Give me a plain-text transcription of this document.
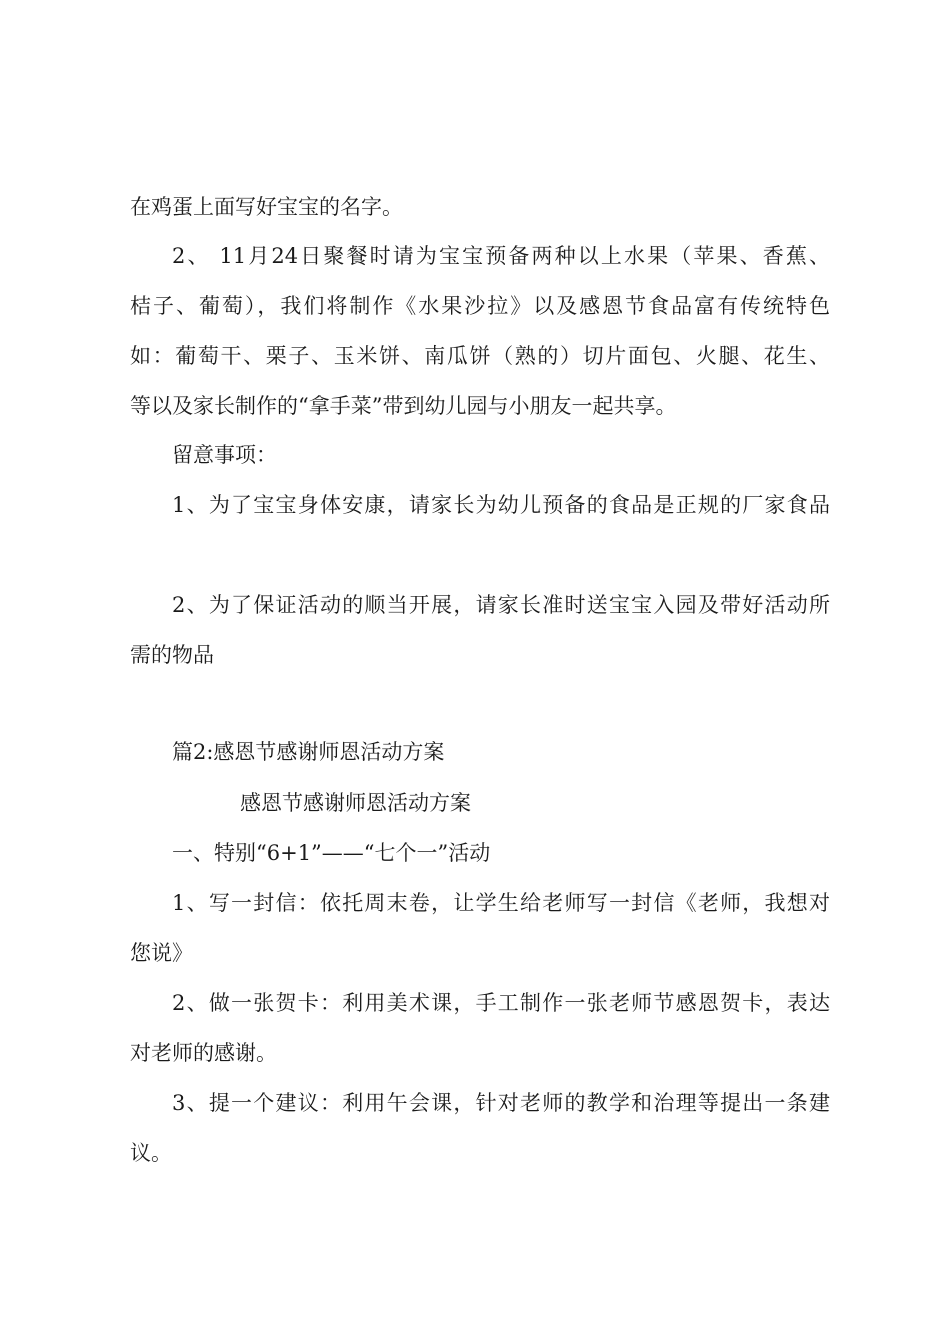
在鸡蛋上面写好宝宝的名字。
2、 11月24日聚餐时请为宝宝预备两种以上水果（苹果、香蕉、
桔子、葡萄），我们将制作《水果沙拉》以及感恩节食品富有传统特色
如：葡萄干、栗子、玉米饼、南瓜饼（熟的）切片面包、火腿、花生、
等以及家长制作的“拿手菜”带到幼儿园与小朋友一起共享。
留意事项：
1、为了宝宝身体安康，请家长为幼儿预备的食品是正规的厂家食品
2、为了保证活动的顺当开展，请家长准时送宝宝入园及带好活动所
需的物品
篇2:感恩节感谢师恩活动方案
感恩节感谢师恩活动方案
一、特别“6+1”——“七个一”活动
1、写一封信：依托周末卷，让学生给老师写一封信《老师，我想对
您说》
2、做一张贺卡：利用美术课，手工制作一张老师节感恩贺卡，表达
对老师的感谢。
3、提一个建议：利用午会课，针对老师的教学和治理等提出一条建
议。
